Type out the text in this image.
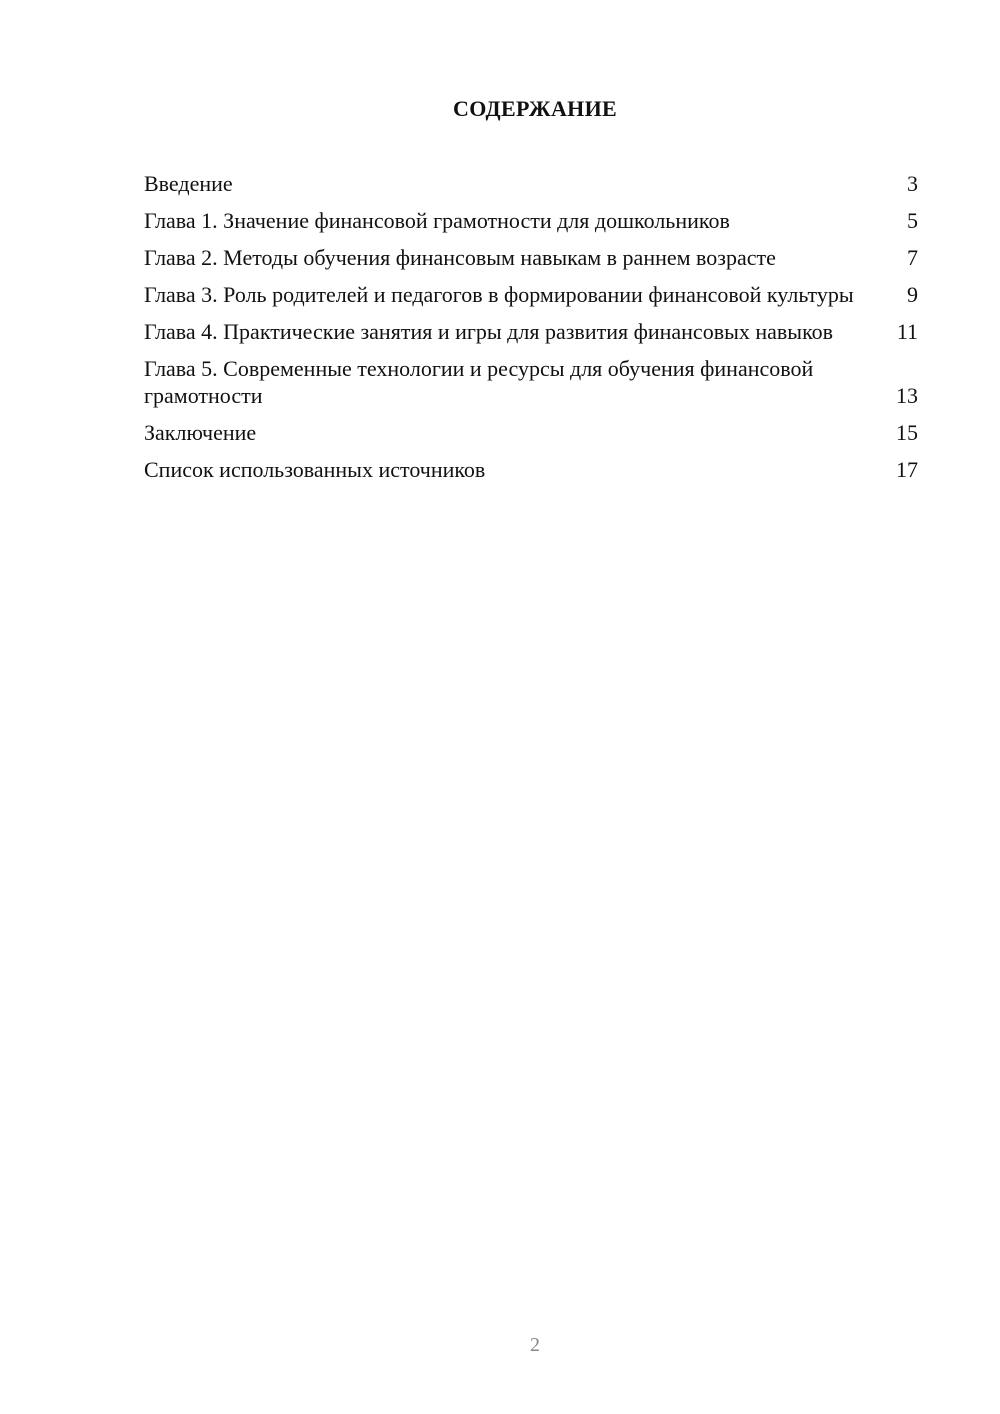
СОДЕРЖАНИЕ
Введение	3
Глава 1. Значение финансовой грамотности для дошкольников	5
Глава 2. Методы обучения финансовым навыкам в раннем возрасте	7
Глава 3. Роль родителей и педагогов в формировании финансовой культуры	9
Глава 4. Практические занятия и игры для развития финансовых навыков	11
Глава 5. Современные технологии и ресурсы для обучения финансовой грамотности	13
Заключение	15
Список использованных источников	17
2
